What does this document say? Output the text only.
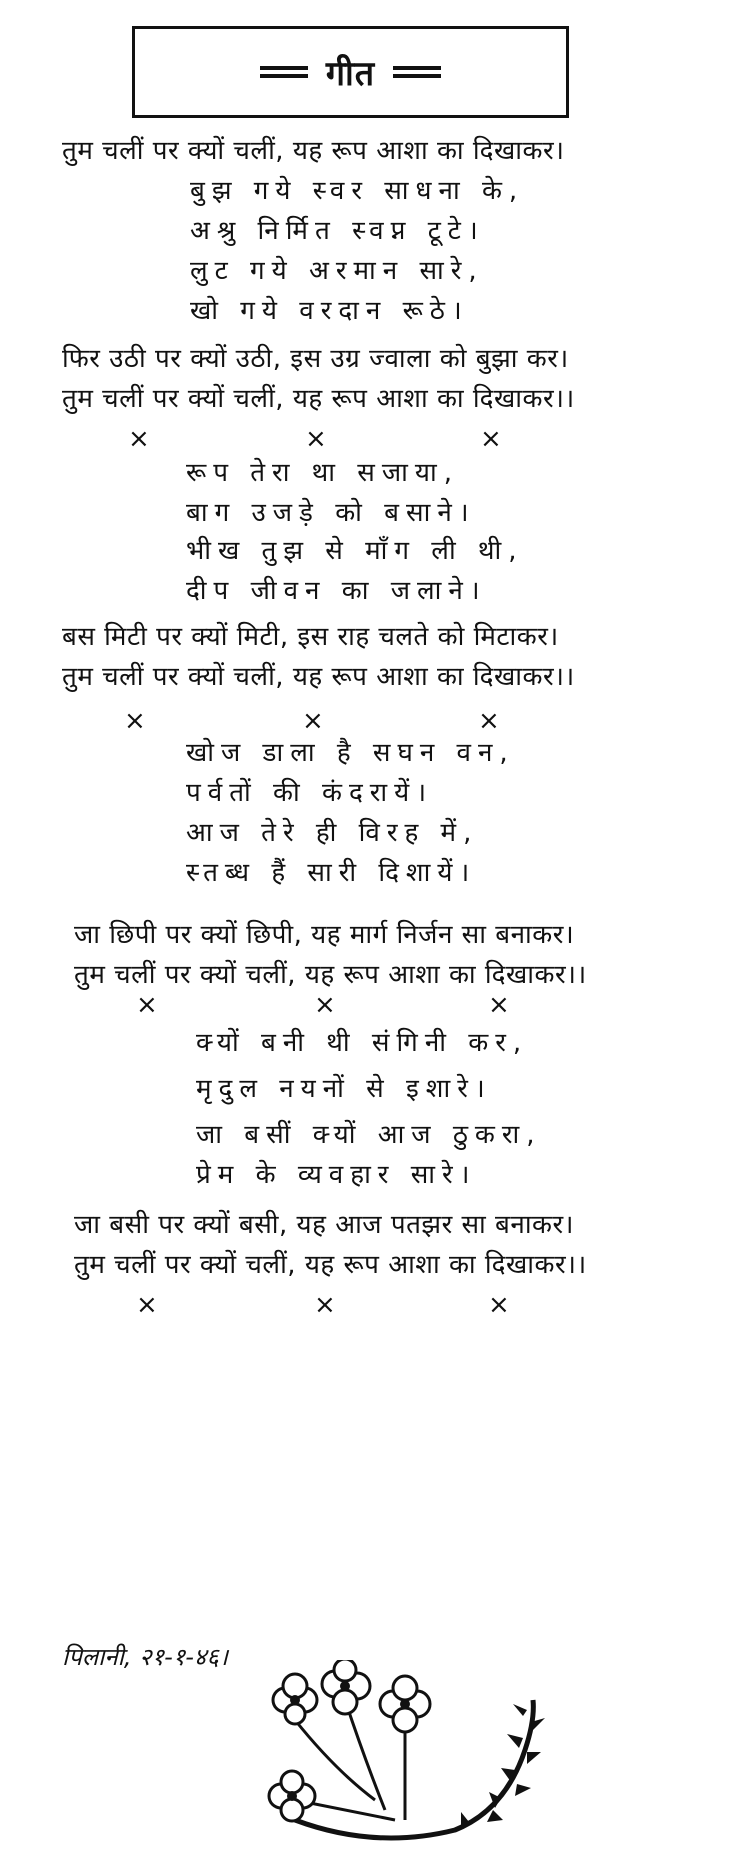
गीत
तुम चलीं पर क्यों चलीं, यह रूप आशा का दिखाकर।
बुझ गये स्वर साधना के,
अश्रु निर्मित स्वप्न टूटे।
लुट गये अरमान सारे,
खो गये वरदान रूठे।
फिर उठी पर क्यों उठी, इस उग्र ज्वाला को बुझा कर।
तुम चलीं पर क्यों चलीं, यह रूप आशा का दिखाकर।।
×	×	×
रूप तेरा था सजाया,
बाग उजड़े को बसाने।
भीख तुझ से माँग ली थी,
दीप जीवन का जलाने।
बस मिटी पर क्यों मिटी, इस राह चलते को मिटाकर।
तुम चलीं पर क्यों चलीं, यह रूप आशा का दिखाकर।।
×	×	×
खोज डाला है सघन वन,
पर्वतों की कंदरायें।
आज तेरे ही विरह में,
स्तब्ध हैं सारी दिशायें।
जा छिपी पर क्यों छिपी, यह मार्ग निर्जन सा बनाकर।
तुम चलीं पर क्यों चलीं, यह रूप आशा का दिखाकर।।
×	×	×
क्यों बनी थी संगिनी कर,
मृदुल नयनों से इशारे।
जा बसीं क्यों आज ठुकरा,
प्रेम के व्यवहार सारे।
जा बसी पर क्यों बसी, यह आज पतझर सा बनाकर।
तुम चलीं पर क्यों चलीं, यह रूप आशा का दिखाकर।।
×	×	×
पिलानी, २१-१-४६।
